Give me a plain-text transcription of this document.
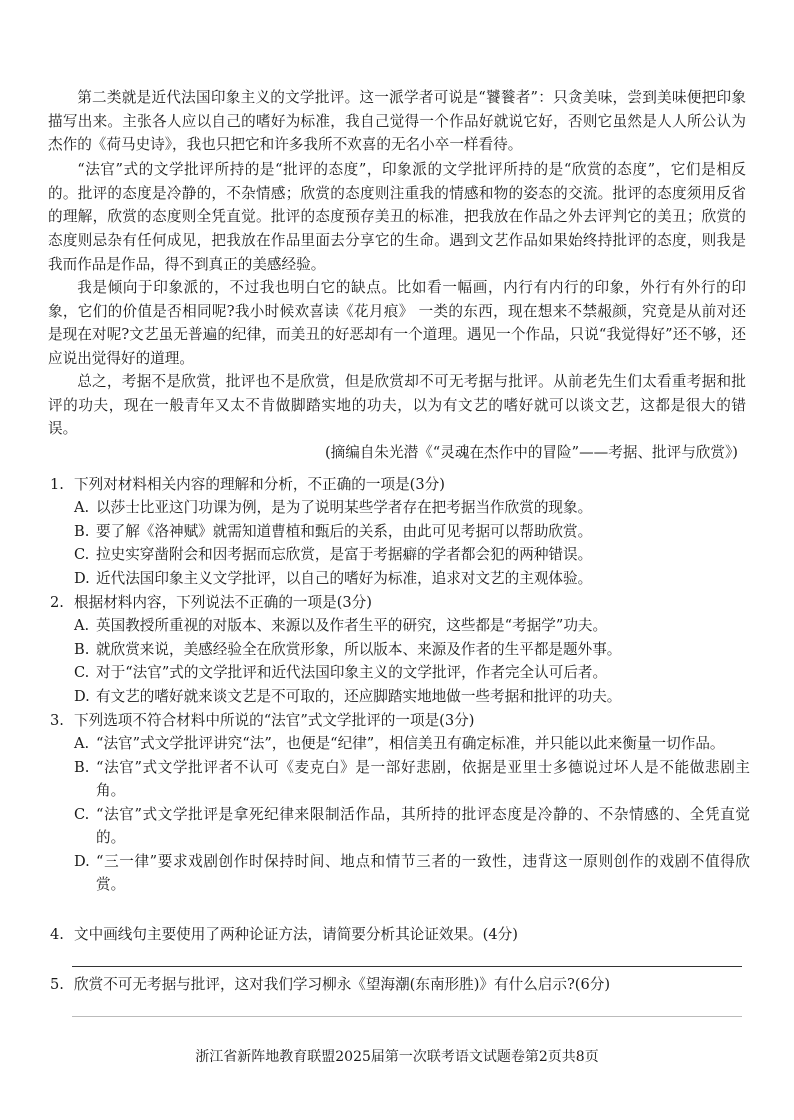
第二类就是近代法国印象主义的文学批评。这一派学者可说是“饕餮者”：只贪美味，尝到美味便把印象描写出来。主张各人应以自己的嗜好为标准，我自己觉得一个作品好就说它好，否则它虽然是人人所公认为杰作的《荷马史诗》，我也只把它和许多我所不欢喜的无名小卒一样看待。

“法官”式的文学批评所持的是“批评的态度”，印象派的文学批评所持的是“欣赏的态度”，它们是相反的。批评的态度是冷静的，不杂情感；欣赏的态度则注重我的情感和物的姿态的交流。批评的态度须用反省的理解，欣赏的态度则全凭直觉。批评的态度预存美丑的标准，把我放在作品之外去评判它的美丑；欣赏的态度则忌杂有任何成见，把我放在作品里面去分享它的生命。遇到文艺作品如果始终持批评的态度，则我是我而作品是作品，得不到真正的美感经验。

我是倾向于印象派的，不过我也明白它的缺点。比如看一幅画，内行有内行的印象，外行有外行的印象，它们的价值是否相同呢?我小时候欢喜读《花月痕》 一类的东西，现在想来不禁赧颜，究竟是从前对还是现在对呢?文艺虽无普遍的纪律，而美丑的好恶却有一个道理。遇见一个作品，只说“我觉得好”还不够，还应说出觉得好的道理。

总之，考据不是欣赏，批评也不是欣赏，但是欣赏却不可无考据与批评。从前老先生们太看重考据和批评的功夫，现在一般青年又太不肯做脚踏实地的功夫，以为有文艺的嗜好就可以谈文艺，这都是很大的错误。

(摘编自朱光潜《“灵魂在杰作中的冒险”——考据、批评与欣赏》)

1. 下列对材料相关内容的理解和分析，不正确的一项是(3分)
A. 以莎士比亚这门功课为例，是为了说明某些学者存在把考据当作欣赏的现象。
B. 要了解《洛神赋》就需知道曹植和甄后的关系，由此可见考据可以帮助欣赏。
C. 拉史实穿凿附会和因考据而忘欣赏，是富于考据癖的学者都会犯的两种错误。
D. 近代法国印象主义文学批评，以自己的嗜好为标准，追求对文艺的主观体验。
2. 根据材料内容，下列说法不正确的一项是(3分)
A. 英国教授所重视的对版本、来源以及作者生平的研究，这些都是“考据学”功夫。
B. 就欣赏来说，美感经验全在欣赏形象，所以版本、来源及作者的生平都是题外事。
C. 对于“法官”式的文学批评和近代法国印象主义的文学批评，作者完全认可后者。
D. 有文艺的嗜好就来谈文艺是不可取的，还应脚踏实地地做一些考据和批评的功夫。
3. 下列选项不符合材料中所说的“法官”式文学批评的一项是(3分)
A. “法官”式文学批评讲究“法”，也便是“纪律”，相信美丑有确定标准，并只能以此来衡量一切作品。
B. “法官”式文学批评者不认可《麦克白》是一部好悲剧，依据是亚里士多德说过坏人是不能做悲剧主角。
C. “法官”式文学批评是拿死纪律来限制活作品，其所持的批评态度是冷静的、不杂情感的、全凭直觉的。
D. “三一律”要求戏剧创作时保持时间、地点和情节三者的一致性，违背这一原则创作的戏剧不值得欣赏。
4. 文中画线句主要使用了两种论证方法，请简要分析其论证效果。(4分)
5. 欣赏不可无考据与批评，这对我们学习柳永《望海潮(东南形胜)》有什么启示?(6分)

浙江省新阵地教育联盟2025届第一次联考语文试题卷第2页共8页
